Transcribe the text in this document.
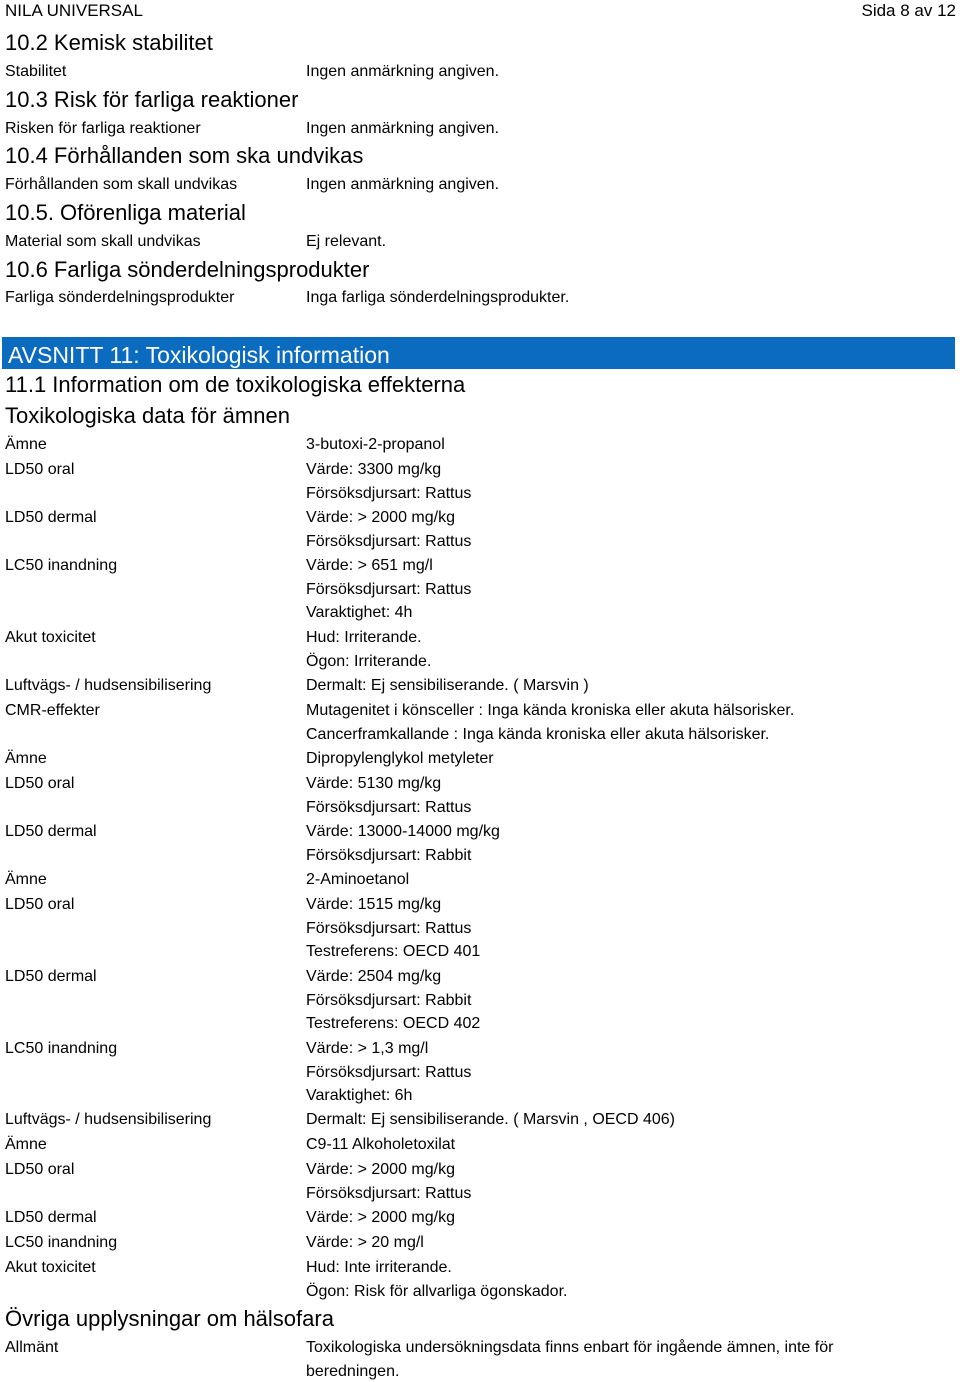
NILA UNIVERSAL	Sida 8 av 12
10.2 Kemisk stabilitet
Stabilitet	Ingen anmärkning angiven.
10.3 Risk för farliga reaktioner
Risken för farliga reaktioner	Ingen anmärkning angiven.
10.4 Förhållanden som ska undvikas
Förhållanden som skall undvikas	Ingen anmärkning angiven.
10.5. Oförenliga material
Material som skall undvikas	Ej relevant.
10.6 Farliga sönderdelningsprodukter
Farliga sönderdelningsprodukter	Inga farliga sönderdelningsprodukter.
AVSNITT 11: Toxikologisk information
11.1 Information om de toxikologiska effekterna
Toxikologiska data för ämnen
Ämne	3-butoxi-2-propanol
LD50 oral	Värde: 3300 mg/kg
Försöksdjursart: Rattus
LD50 dermal	Värde: > 2000 mg/kg
Försöksdjursart: Rattus
LC50 inandning	Värde: > 651 mg/l
Försöksdjursart: Rattus
Varaktighet: 4h
Akut toxicitet	Hud: Irriterande.
Ögon: Irriterande.
Luftvägs- / hudsensibilisering	Dermalt: Ej sensibiliserande. ( Marsvin )
CMR-effekter	Mutagenitet i könsceller : Inga kända kroniska eller akuta hälsorisker.
Cancerframkallande : Inga kända kroniska eller akuta hälsorisker.
Ämne	Dipropylenglykol metyleter
LD50 oral	Värde: 5130 mg/kg
Försöksdjursart: Rattus
LD50 dermal	Värde: 13000-14000 mg/kg
Försöksdjursart: Rabbit
Ämne	2-Aminoetanol
LD50 oral	Värde: 1515 mg/kg
Försöksdjursart: Rattus
Testreferens: OECD 401
LD50 dermal	Värde: 2504 mg/kg
Försöksdjursart: Rabbit
Testreferens: OECD 402
LC50 inandning	Värde: > 1,3 mg/l
Försöksdjursart: Rattus
Varaktighet: 6h
Luftvägs- / hudsensibilisering	Dermalt: Ej sensibiliserande. ( Marsvin , OECD 406)
Ämne	C9-11 Alkoholetoxilat
LD50 oral	Värde: > 2000 mg/kg
Försöksdjursart: Rattus
LD50 dermal	Värde: > 2000 mg/kg
LC50 inandning	Värde: > 20 mg/l
Akut toxicitet	Hud: Inte irriterande.
Ögon: Risk för allvarliga ögonskador.
Övriga upplysningar om hälsofara
Allmänt	Toxikologiska undersökningsdata finns enbart för ingående ämnen, inte för
beredningen.
